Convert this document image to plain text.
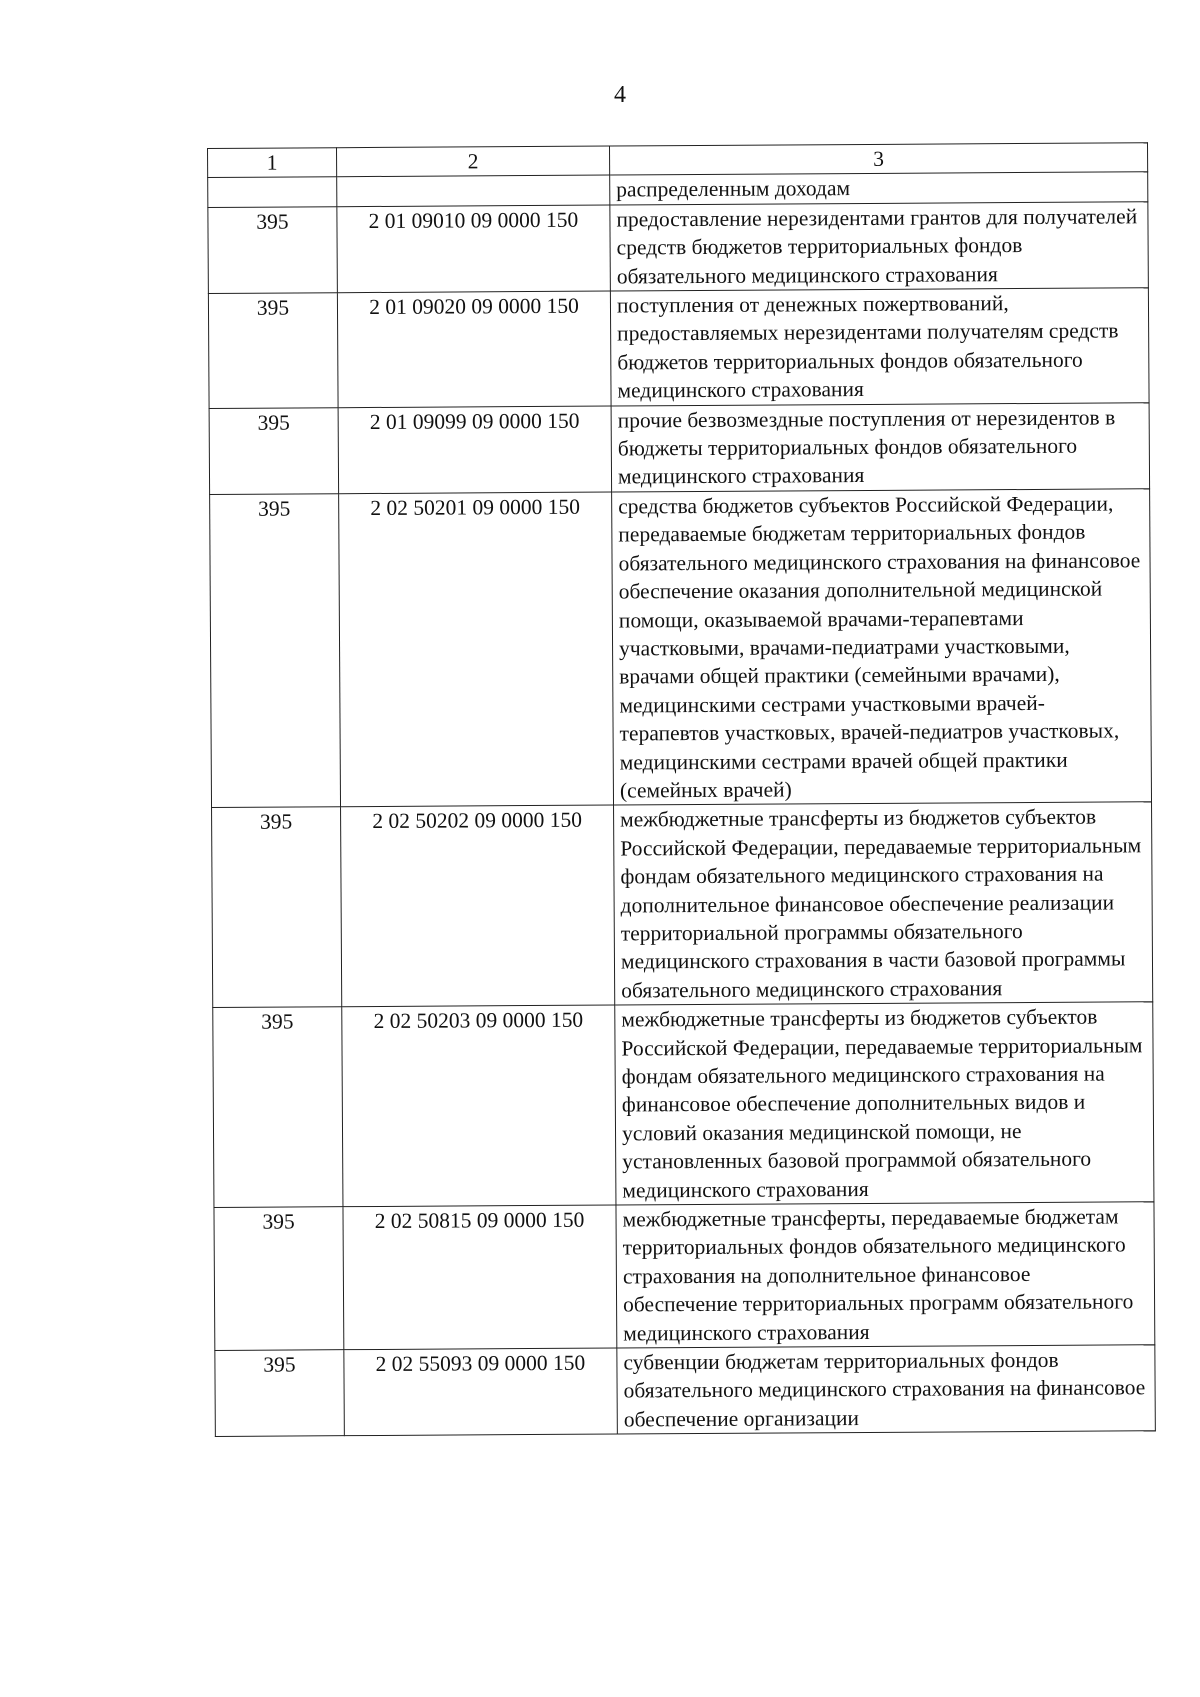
4
1	2	3
		распределенным доходам
395	2 01 09010 09 0000 150	предоставление нерезидентами грантов для получателей средств бюджетов территориальных фондов обязательного медицинского страхования
395	2 01 09020 09 0000 150	поступления от денежных пожертвований, предоставляемых нерезидентами получателям средств бюджетов территориальных фондов обязательного медицинского страхования
395	2 01 09099 09 0000 150	прочие безвозмездные поступления от нерезидентов в бюджеты территориальных фондов обязательного медицинского страхования
395	2 02 50201 09 0000 150	средства бюджетов субъектов Российской Федерации, передаваемые бюджетам территориальных фондов обязательного медицинского страхования на финансовое обеспечение оказания дополнительной медицинской помощи, оказываемой врачами-терапевтами участковыми, врачами-педиатрами участковыми, врачами общей практики (семейными врачами), медицинскими сестрами участковыми врачей-терапевтов участковых, врачей-педиатров участковых, медицинскими сестрами врачей общей практики (семейных врачей)
395	2 02 50202 09 0000 150	межбюджетные трансферты из бюджетов субъектов Российской Федерации, передаваемые территориальным фондам обязательного медицинского страхования на дополнительное финансовое обеспечение реализации территориальной программы обязательного медицинского страхования в части базовой программы обязательного медицинского страхования
395	2 02 50203 09 0000 150	межбюджетные трансферты из бюджетов субъектов Российской Федерации, передаваемые территориальным фондам обязательного медицинского страхования на финансовое обеспечение дополнительных видов и условий оказания медицинской помощи, не установленных базовой программой обязательного медицинского страхования
395	2 02 50815 09 0000 150	межбюджетные трансферты, передаваемые бюджетам территориальных фондов обязательного медицинского страхования на дополнительное финансовое обеспечение территориальных программ обязательного медицинского страхования
395	2 02 55093 09 0000 150	субвенции бюджетам территориальных фондов обязательного медицинского страхования на финансовое обеспечение организации
